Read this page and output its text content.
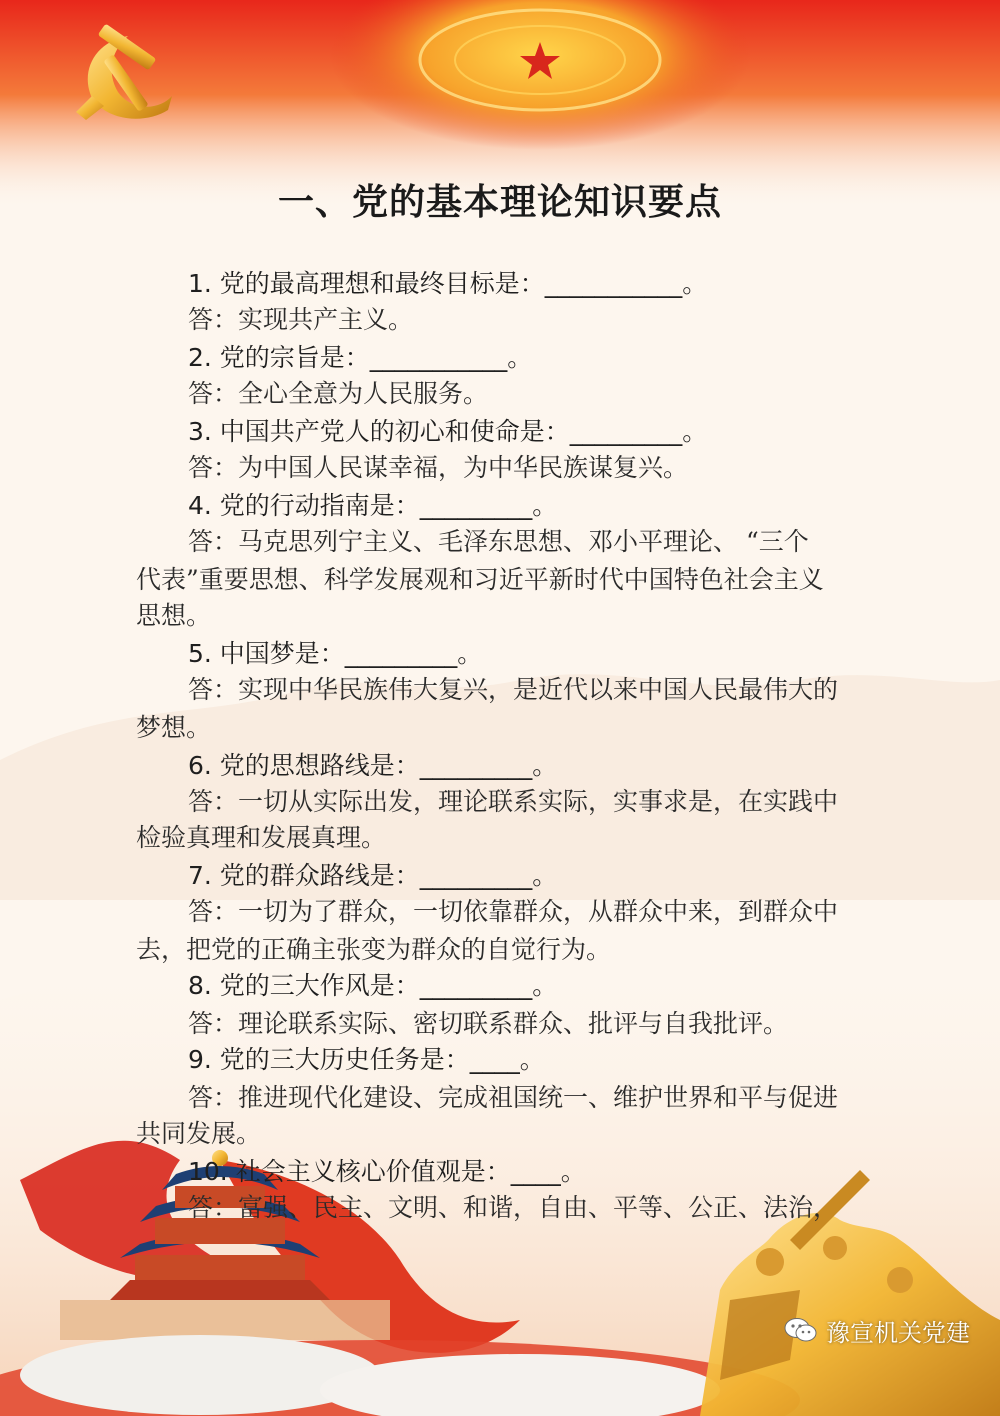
一、党的基本理论知识要点
1. 党的最高理想和最终目标是：___________。
答：实现共产主义。
2. 党的宗旨是：___________。
答：全心全意为人民服务。
3. 中国共产党人的初心和使命是：_________。
答：为中国人民谋幸福，为中华民族谋复兴。
4. 党的行动指南是：_________。
答：马克思列宁主义、毛泽东思想、邓小平理论、 “三个
代表”重要思想、科学发展观和习近平新时代中国特色社会主义
思想。
5. 中国梦是：_________。
答：实现中华民族伟大复兴，是近代以来中国人民最伟大的
梦想。
6. 党的思想路线是：_________。
答：一切从实际出发，理论联系实际，实事求是，在实践中
检验真理和发展真理。
7. 党的群众路线是：_________。
答：一切为了群众，一切依靠群众，从群众中来，到群众中
去，把党的正确主张变为群众的自觉行为。
8. 党的三大作风是：_________。
答：理论联系实际、密切联系群众、批评与自我批评。
9. 党的三大历史任务是：____。
答：推进现代化建设、完成祖国统一、维护世界和平与促进
共同发展。
10. 社会主义核心价值观是：____。
答：富强、民主、文明、和谐，自由、平等、公正、法治，
豫宣机关党建
